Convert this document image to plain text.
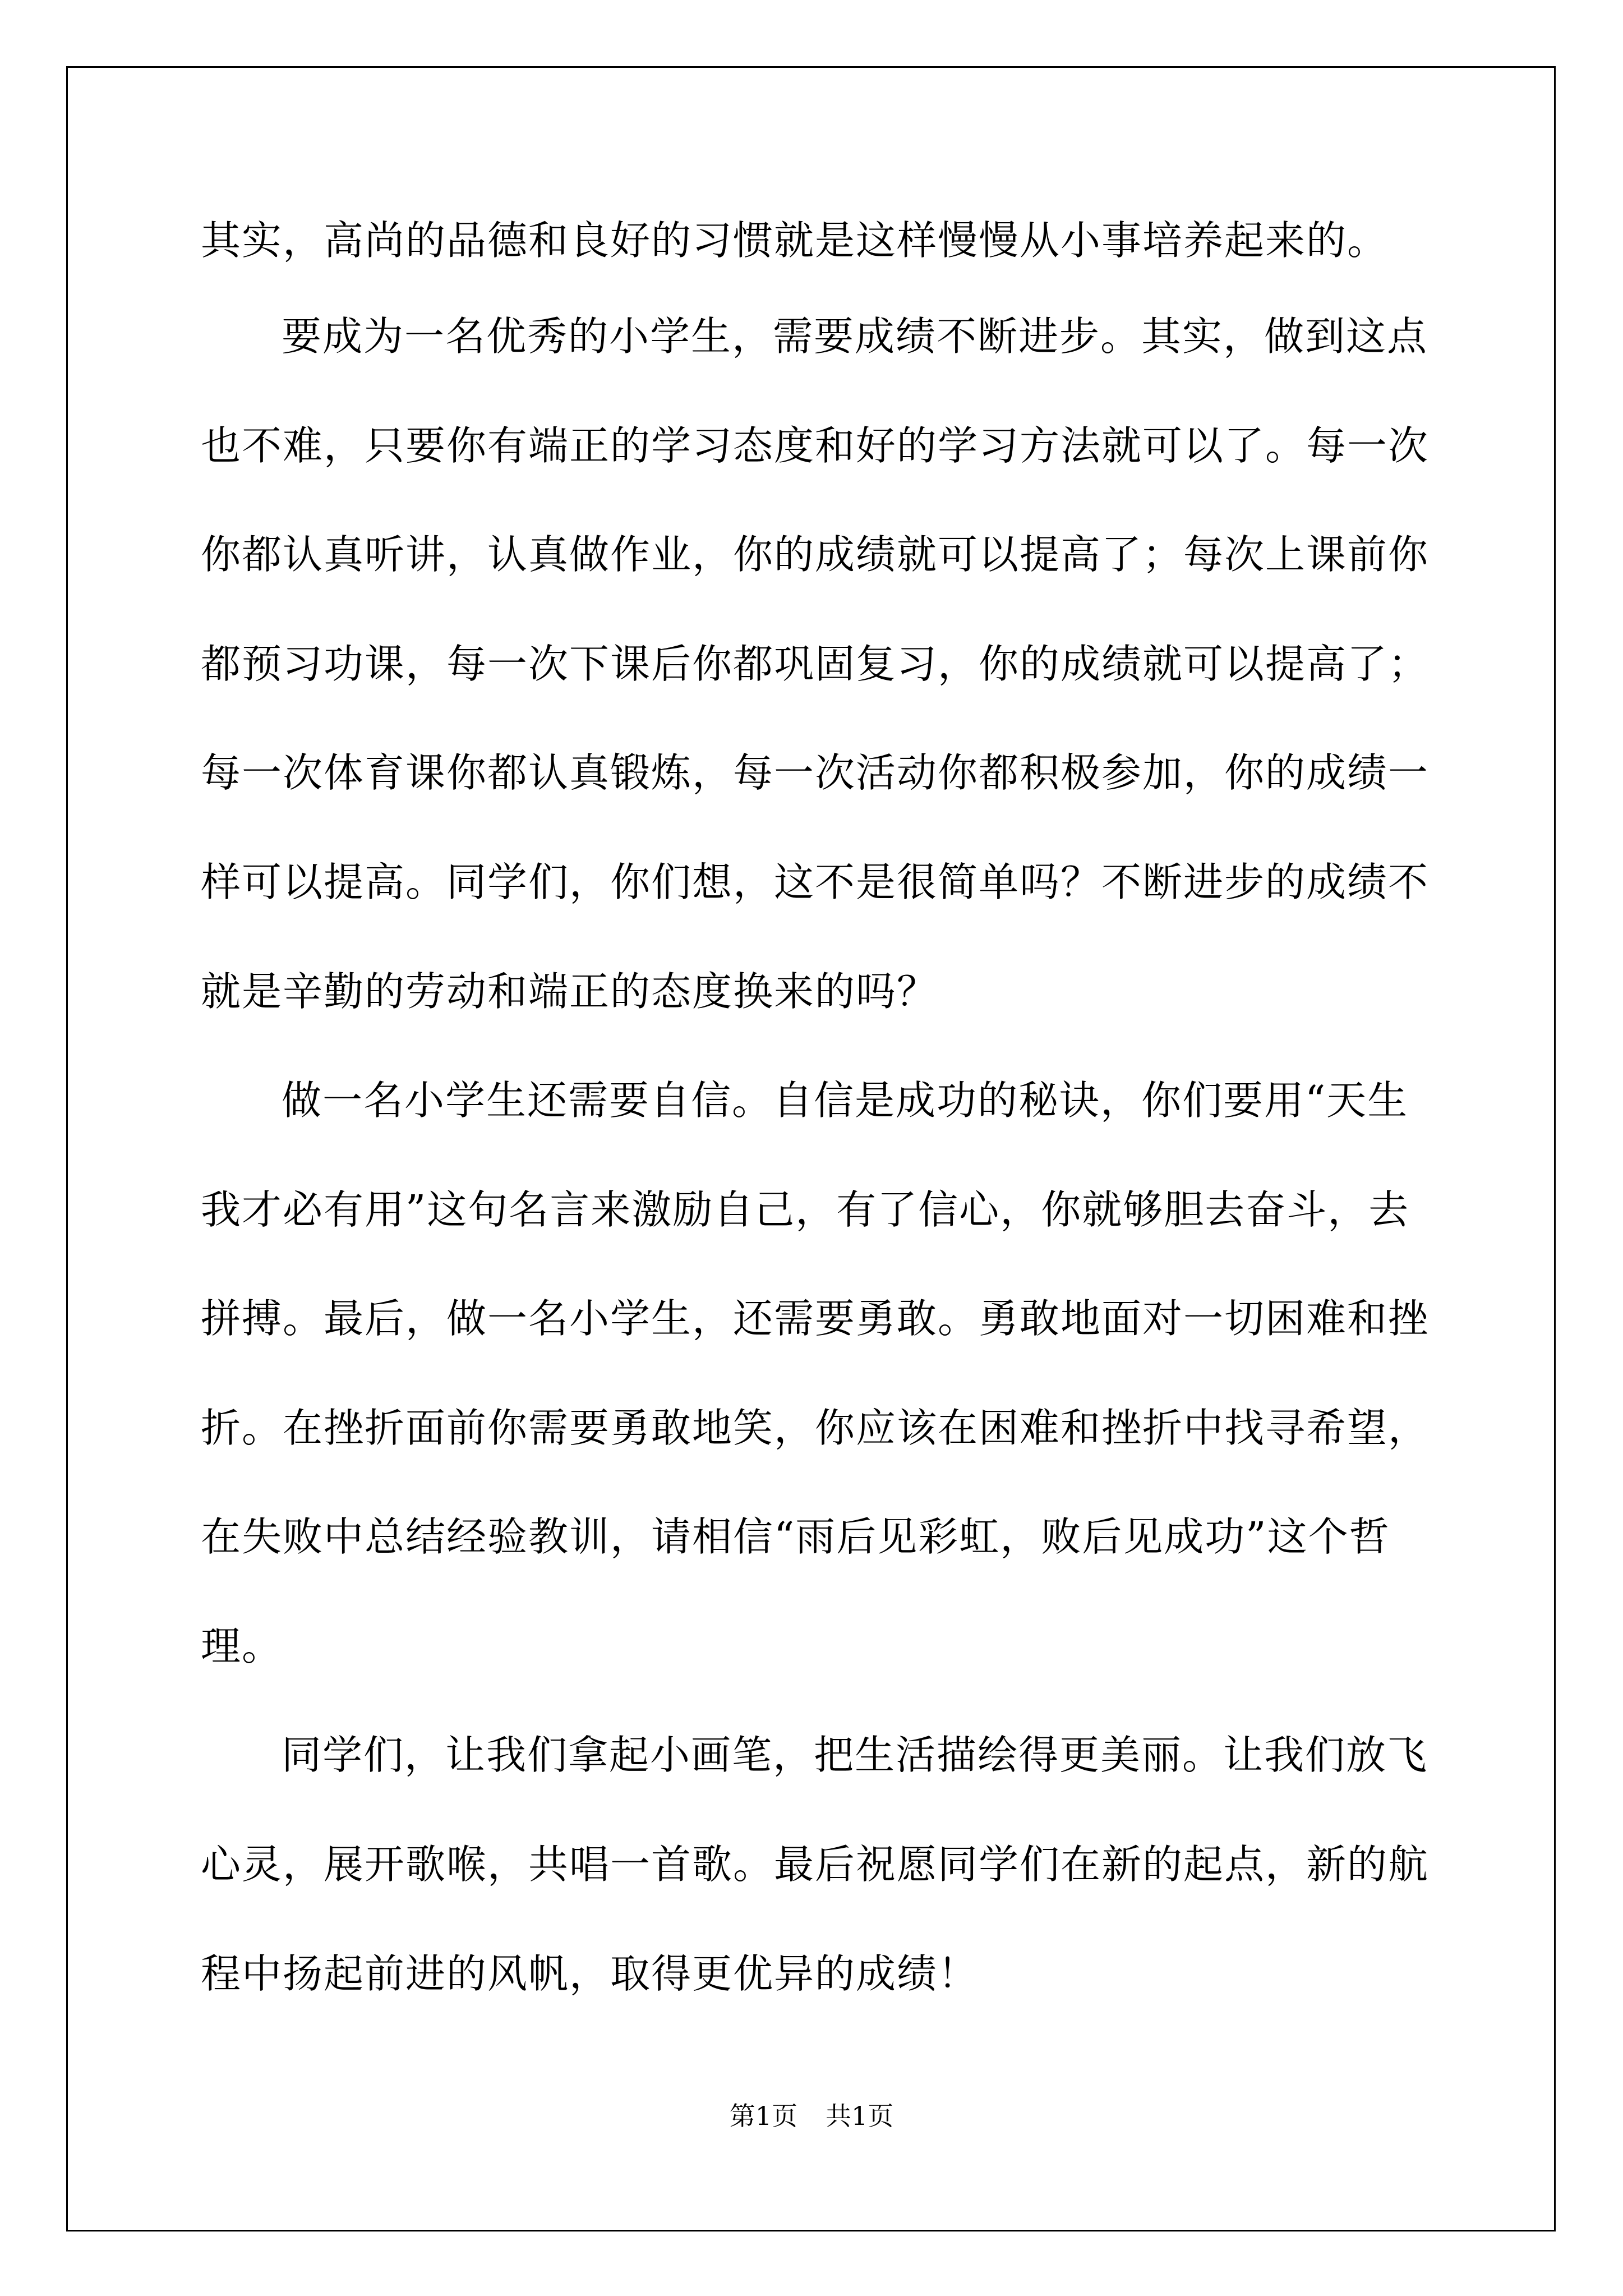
其实，高尚的品德和良好的习惯就是这样慢慢从小事培养起来的。
要成为一名优秀的小学生，需要成绩不断进步。其实，做到这点
也不难，只要你有端正的学习态度和好的学习方法就可以了。每一次
你都认真听讲，认真做作业，你的成绩就可以提高了；每次上课前你
都预习功课，每一次下课后你都巩固复习，你的成绩就可以提高了；
每一次体育课你都认真锻炼，每一次活动你都积极参加，你的成绩一
样可以提高。同学们，你们想，这不是很简单吗？不断进步的成绩不
就是辛勤的劳动和端正的态度换来的吗？
做一名小学生还需要自信。自信是成功的秘诀，你们要用“天生
我才必有用”这句名言来激励自己，有了信心，你就够胆去奋斗，去
拼搏。最后，做一名小学生，还需要勇敢。勇敢地面对一切困难和挫
折。在挫折面前你需要勇敢地笑，你应该在困难和挫折中找寻希望，
在失败中总结经验教训，请相信“雨后见彩虹，败后见成功”这个哲
理。
同学们，让我们拿起小画笔，把生活描绘得更美丽。让我们放飞
心灵，展开歌喉，共唱一首歌。最后祝愿同学们在新的起点，新的航
程中扬起前进的风帆，取得更优异的成绩！
第1页 共1页
